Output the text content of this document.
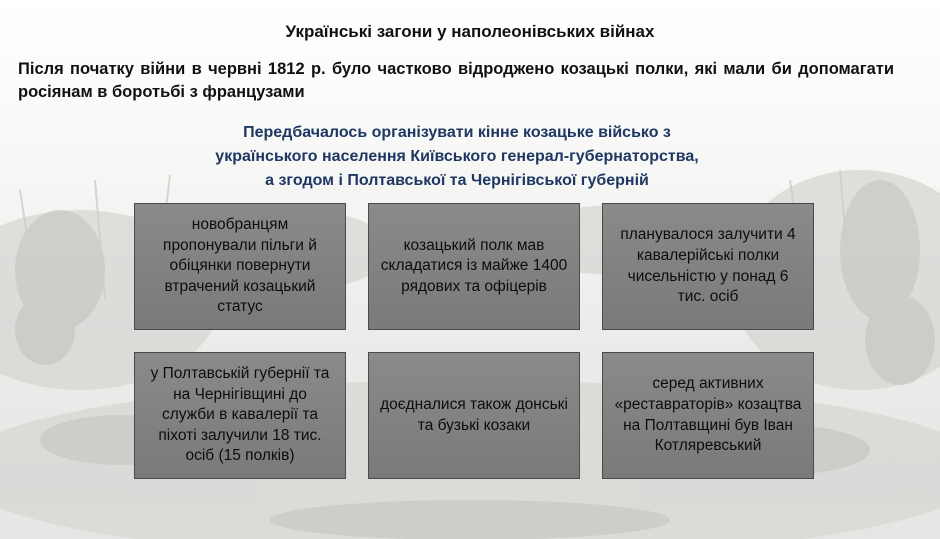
Українські загони у наполеонівських війнах
Після початку війни в червні 1812 р. було частково відроджено козацькі полки, які мали би допомагати росіянам в боротьбі з французами
Передбачалось організувати кінне козацьке військо з
українського населення Київського генерал-губернаторства,
а згодом і Полтавської та Чернігівської губерній
новобранцям пропонували пільги й обіцянки повернути втрачений козацький статус
козацький полк мав складатися із майже 1400 рядових та офіцерів
планувалося залучити 4 кавалерійські полки чисельністю у понад 6 тис. осіб
у Полтавській губернії та на Чернігівщині до служби в кавалерії та піхоті залучили 18 тис. осіб (15 полків)
доєдналися також донські та бузькі козаки
серед активних «реставраторів» козацтва на Полтавщині був Іван Котляревський
